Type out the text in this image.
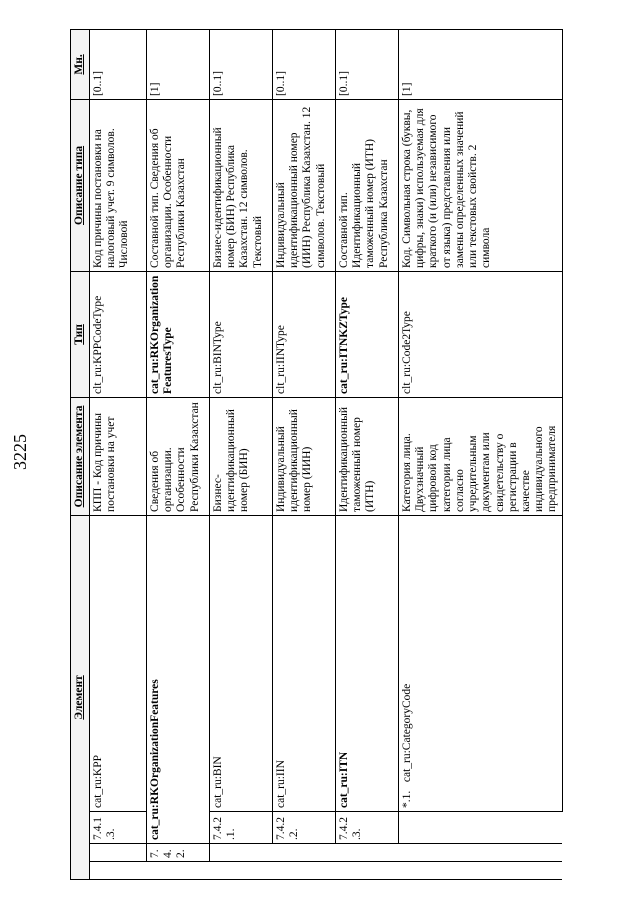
3225
Элемент				Описание элемента	Тип	Описание типа	Мн.
		7.4.1.3.	cat_ru:KPP	КПП - Код причины постановки на учет	clt_ru:KPPCodeType	Код причины постановки на налоговый учет. 9 символов. Числовой	[0..1]
	7.4.2.	cat_ru:RKOrganizationFeatures		Сведения об организации. Особенности Республики Казахстан	cat_ru:RKOrganizationFeaturesType	Составной тип. Сведения об организации. Особенности Республики Казахстан	[1]
		7.4.2.1.	cat_ru:BIN	Бизнес-идентификационный номер (БИН)	clt_ru:BINType	Бизнес-идентификационный номер (БИН) Республика Казахстан. 12 символов. Текстовый	[0..1]
		7.4.2.2.	cat_ru:IIN	Индивидуальный идентификационный номер (ИИН)	clt_ru:IINType	Индивидуальный идентификационный номер (ИИН) Республика Казахстан. 12 символов. Текстовый	[0..1]
		7.4.2.3.	cat_ru:ITN	Идентификационный таможенный номер (ИТН)	cat_ru:ITNKZType	Составной тип. Идентификационный таможенный номер (ИТН) Республика Казахстан	[0..1]
			*.1.   cat_ru:CategoryCode	Категория лица. Двухзначный цифровой код категории лица согласно учредительным документам или свидетельству о регистрации в качестве индивидуального предпринимателя	clt_ru:Code2Type	Код. Символьная строка (буквы, цифры, знаки) используемая для краткого (и (или) независимого от языка) представления или замены определенных значений или текстовых свойств. 2 символа	[1]
